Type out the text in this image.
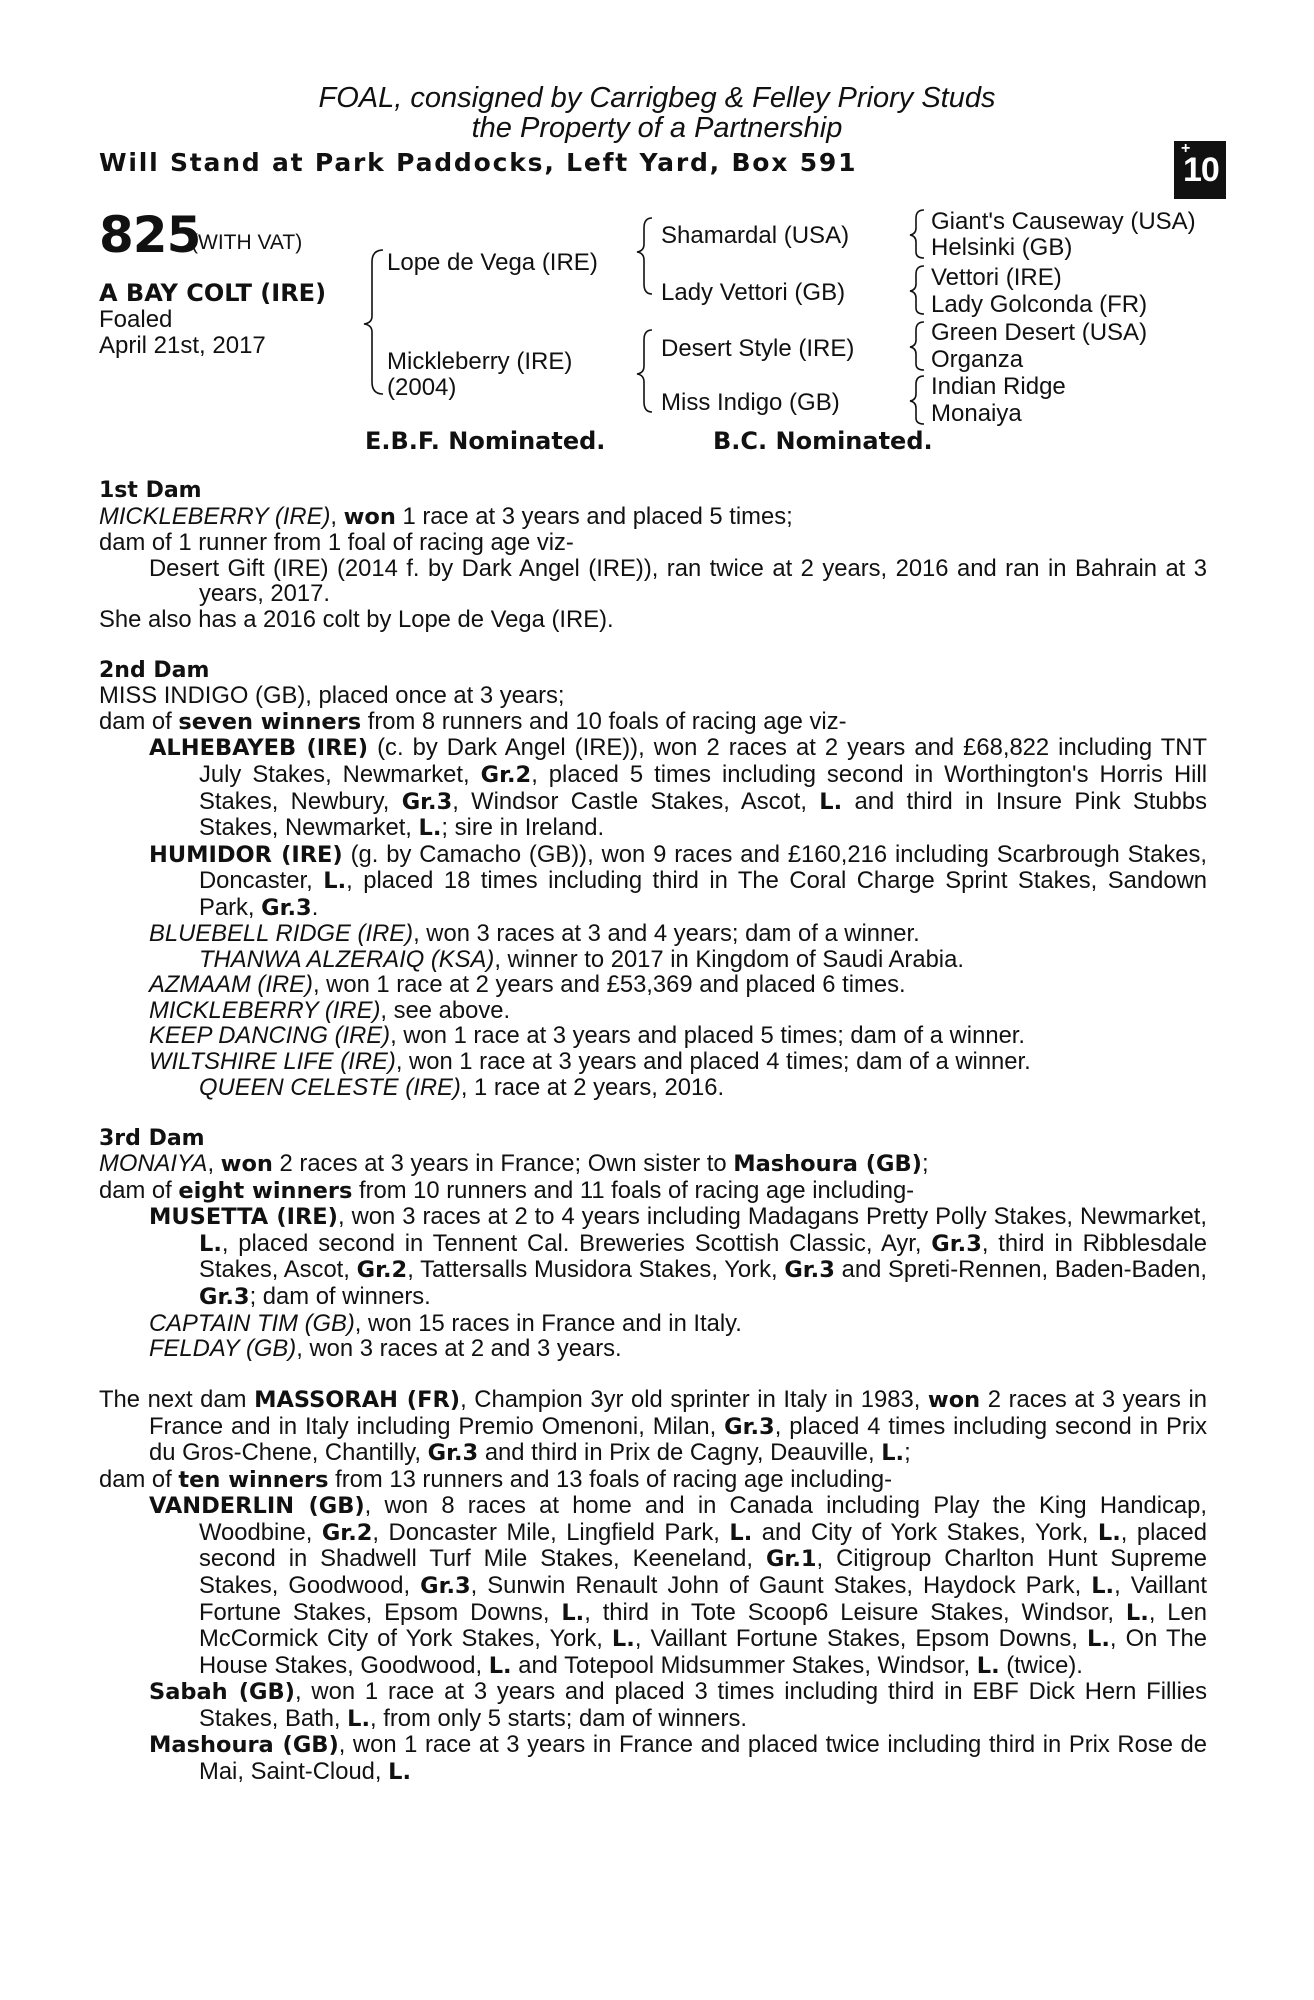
FOAL, consigned by Carrigbeg & Felley Priory Studs
the Property of a Partnership
Will Stand at Park Paddocks, Left Yard, Box 591	+
10
825
(WITH VAT)
A BAY COLT (IRE)
Foaled
April 21st, 2017
Lope de Vega (IRE)
Mickleberry (IRE)
(2004)
Shamardal (USA)
Lady Vettori (GB)
Desert Style (IRE)
Miss Indigo (GB)
Giant's Causeway (USA)
Helsinki (GB)
Vettori (IRE)
Lady Golconda (FR)
Green Desert (USA)
Organza
Indian Ridge
Monaiya
E.B.F. Nominated.	B.C. Nominated.

1st Dam

MICKLEBERRY (IRE), won 1 race at 3 years and placed 5 times;

dam of 1 runner from 1 foal of racing age viz-

Desert Gift (IRE) (2014 f. by Dark Angel (IRE)), ran twice at 2 years, 2016 and ran in Bahrain at 3 years, 2017.

She also has a 2016 colt by Lope de Vega (IRE).

2nd Dam

MISS INDIGO (GB), placed once at 3 years;

dam of seven winners from 8 runners and 10 foals of racing age viz-

ALHEBAYEB (IRE) (c. by Dark Angel (IRE)), won 2 races at 2 years and £68,822 including TNT July Stakes, Newmarket, Gr.2, placed 5 times including second in Worthington's Horris Hill Stakes, Newbury, Gr.3, Windsor Castle Stakes, Ascot, L. and third in Insure Pink Stubbs Stakes, Newmarket, L.; sire in Ireland.

HUMIDOR (IRE) (g. by Camacho (GB)), won 9 races and £160,216 including Scarbrough Stakes, Doncaster, L., placed 18 times including third in The Coral Charge Sprint Stakes, Sandown Park, Gr.3.

BLUEBELL RIDGE (IRE), won 3 races at 3 and 4 years; dam of a winner.

THANWA ALZERAIQ (KSA), winner to 2017 in Kingdom of Saudi Arabia.

AZMAAM (IRE), won 1 race at 2 years and £53,369 and placed 6 times.

MICKLEBERRY (IRE), see above.

KEEP DANCING (IRE), won 1 race at 3 years and placed 5 times; dam of a winner.

WILTSHIRE LIFE (IRE), won 1 race at 3 years and placed 4 times; dam of a winner.

QUEEN CELESTE (IRE), 1 race at 2 years, 2016.

3rd Dam

MONAIYA, won 2 races at 3 years in France; Own sister to Mashoura (GB);

dam of eight winners from 10 runners and 11 foals of racing age including-

MUSETTA (IRE), won 3 races at 2 to 4 years including Madagans Pretty Polly Stakes, Newmarket, L., placed second in Tennent Cal. Breweries Scottish Classic, Ayr, Gr.3, third in Ribblesdale Stakes, Ascot, Gr.2, Tattersalls Musidora Stakes, York, Gr.3 and Spreti-Rennen, Baden-Baden, Gr.3; dam of winners.

CAPTAIN TIM (GB), won 15 races in France and in Italy.

FELDAY (GB), won 3 races at 2 and 3 years.

The next dam MASSORAH (FR), Champion 3yr old sprinter in Italy in 1983, won 2 races at 3 years in France and in Italy including Premio Omenoni, Milan, Gr.3, placed 4 times including second in Prix du Gros-Chene, Chantilly, Gr.3 and third in Prix de Cagny, Deauville, L.;

dam of ten winners from 13 runners and 13 foals of racing age including-

VANDERLIN (GB), won 8 races at home and in Canada including Play the King Handicap, Woodbine, Gr.2, Doncaster Mile, Lingfield Park, L. and City of York Stakes, York, L., placed second in Shadwell Turf Mile Stakes, Keeneland, Gr.1, Citigroup Charlton Hunt Supreme Stakes, Goodwood, Gr.3, Sunwin Renault John of Gaunt Stakes, Haydock Park, L., Vaillant Fortune Stakes, Epsom Downs, L., third in Tote Scoop6 Leisure Stakes, Windsor, L., Len McCormick City of York Stakes, York, L., Vaillant Fortune Stakes, Epsom Downs, L., On The House Stakes, Goodwood, L. and Totepool Midsummer Stakes, Windsor, L. (twice).

Sabah (GB), won 1 race at 3 years and placed 3 times including third in EBF Dick Hern Fillies Stakes, Bath, L., from only 5 starts; dam of winners.

Mashoura (GB), won 1 race at 3 years in France and placed twice including third in Prix Rose de Mai, Saint-Cloud, L.
